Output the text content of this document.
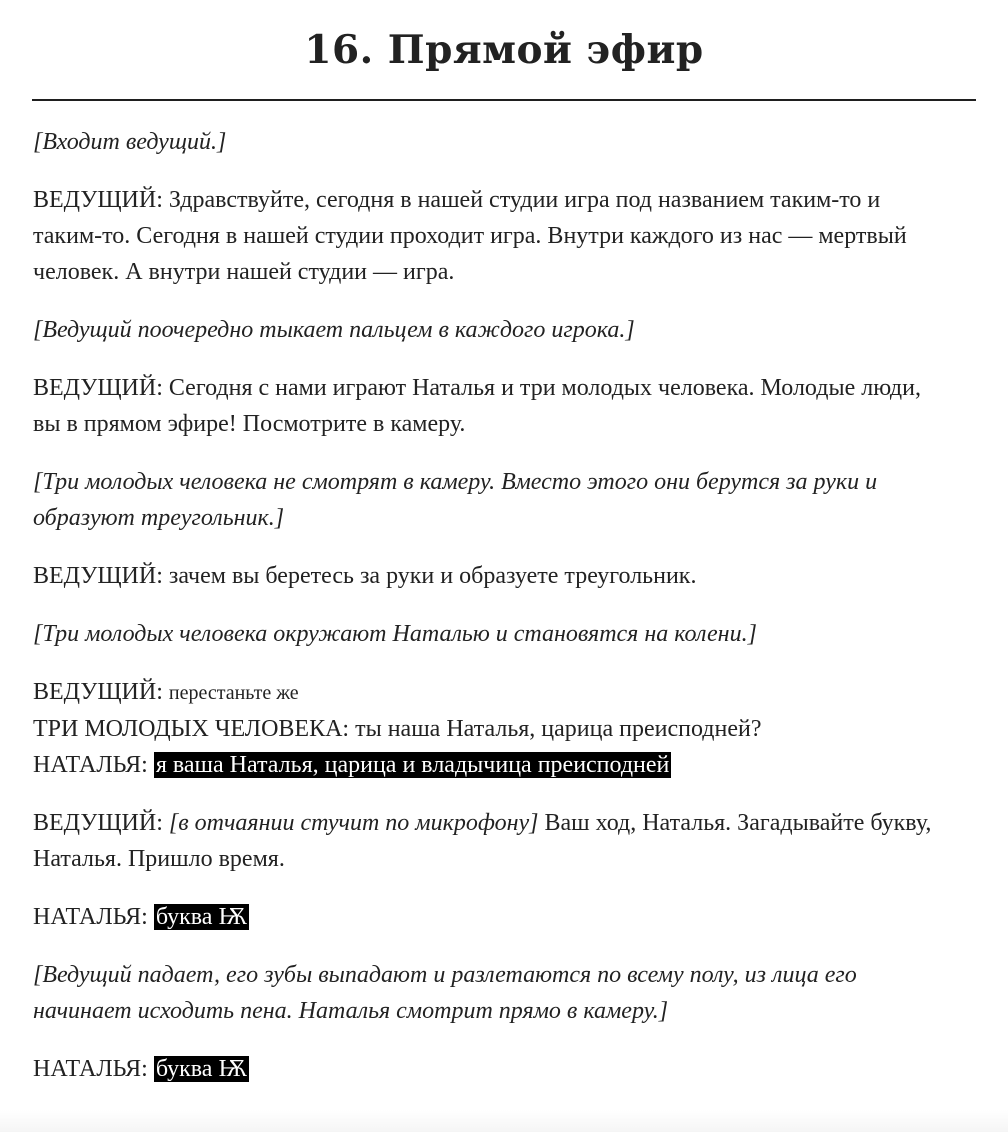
16. Прямой эфир

[Входит ведущий.]

ВЕДУЩИЙ: Здравствуйте, сегодня в нашей студии игра под названием таким-то и таким-то. Сегодня в нашей студии проходит игра. Внутри каждого из нас — мертвый человек. А внутри нашей студии — игра.

[Ведущий поочередно тыкает пальцем в каждого игрока.]

ВЕДУЩИЙ: Сегодня с нами играют Наталья и три молодых человека. Молодые люди, вы в прямом эфире! Посмотрите в камеру.

[Три молодых человека не смотрят в камеру. Вместо этого они берутся за руки и образуют треугольник.]

ВЕДУЩИЙ: зачем вы беретесь за руки и образуете треугольник.

[Три молодых человека окружают Наталью и становятся на колени.]

ВЕДУЩИЙ: перестаньте же

ТРИ МОЛОДЫХ ЧЕЛОВЕКА: ты наша Наталья, царица преисподней?

НАТАЛЬЯ: я ваша Наталья, царица и владычица преисподней

ВЕДУЩИЙ: [в отчаянии стучит по микрофону] Ваш ход, Наталья. Загадывайте букву, Наталья. Пришло время.

НАТАЛЬЯ: буква Ѭ

[Ведущий падает, его зубы выпадают и разлетаются по всему полу, из лица его начинает исходить пена. Наталья смотрит прямо в камеру.]

НАТАЛЬЯ: буква Ѭ
